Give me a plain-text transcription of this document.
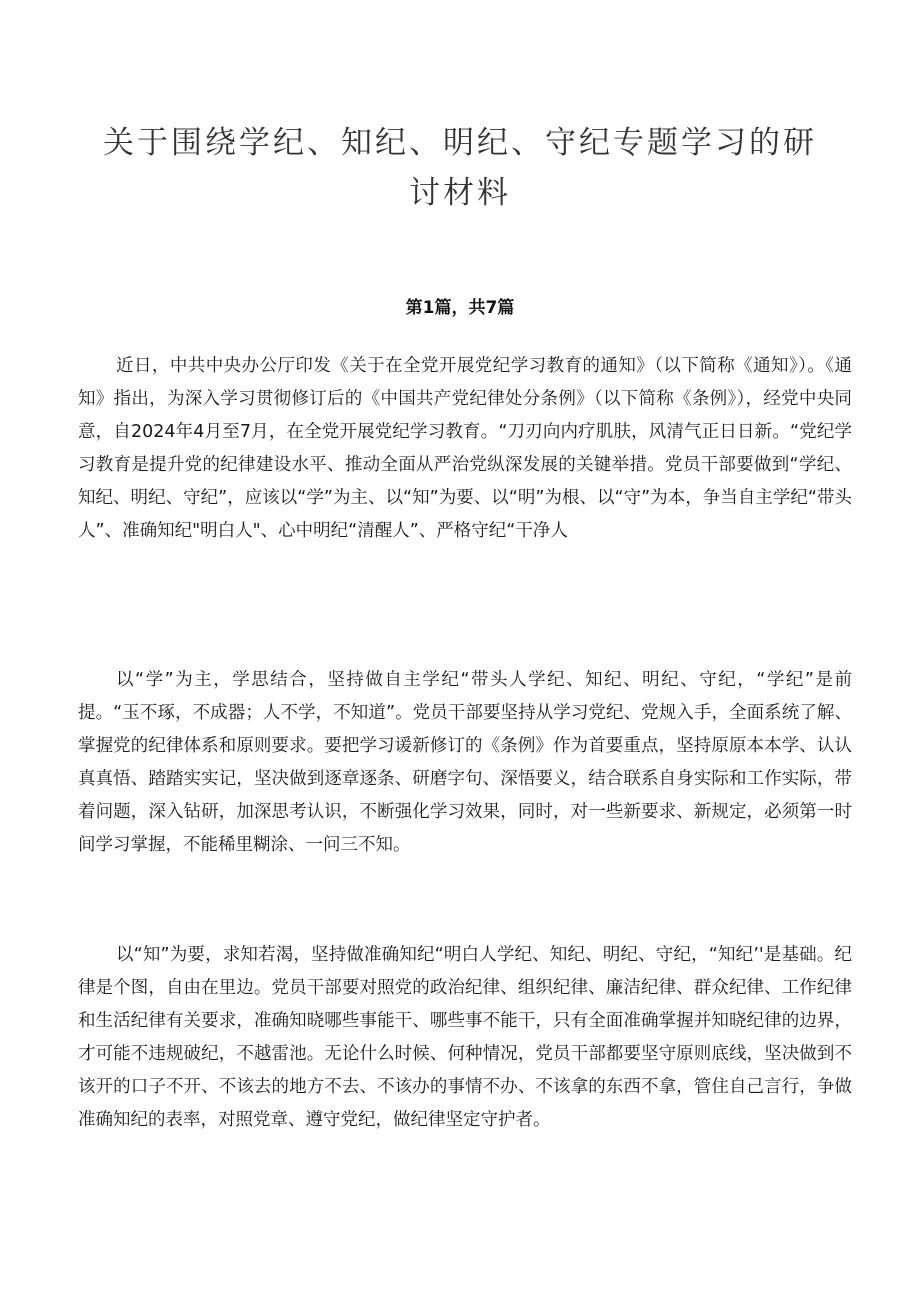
关于围绕学纪、知纪、明纪、守纪专题学习的研讨材料

第1篇，共7篇

近日，中共中央办公厅印发《关于在全党开展党纪学习教育的通知》（以下简称《通知》）。《通知》指出，为深入学习贯彻修订后的《中国共产党纪律处分条例》（以下简称《条例》），经党中央同意，自2024年4月至7月，在全党开展党纪学习教育。“刀刃向内疗肌肤，风清气正日日新。“党纪学习教育是提升党的纪律建设水平、推动全面从严治党纵深发展的关键举措。党员干部要做到“学纪、知纪、明纪、守纪”，应该以“学”为主、以“知”为要、以“明”为根、以“守”为本，争当自主学纪“带头人”、准确知纪"明白人"、心中明纪“清醒人”、严格守纪“干净人

以“学”为主，学思结合，坚持做自主学纪“带头人学纪、知纪、明纪、守纪，“学纪”是前提。“玉不琢，不成器；人不学，不知道”。党员干部要坚持从学习党纪、党规入手，全面系统了解、掌握党的纪律体系和原则要求。要把学习谖新修订的《条例》作为首要重点，坚持原原本本学、认认真真悟、踏踏实实记，坚决做到逐章逐条、研磨字句、深悟要义，结合联系自身实际和工作实际，带着问题，深入钻研，加深思考认识，不断强化学习效果，同时，对一些新要求、新规定，必须第一时间学习掌握，不能稀里糊涂、一问三不知。

以“知”为要，求知若渴，坚持做准确知纪“明白人学纪、知纪、明纪、守纪，“知纪’'是基础。纪律是个图，自由在里边。党员干部要对照党的政治纪律、组织纪律、廉洁纪律、群众纪律、工作纪律和生活纪律有关要求，准确知晓哪些事能干、哪些事不能干，只有全面准确掌握并知晓纪律的边界，才可能不违规破纪，不越雷池。无论什么时候、何种情况，党员干部都要坚守原则底线，坚决做到不该开的口子不开、不该去的地方不去、不该办的事情不办、不该拿的东西不拿，管住自己言行，争做准确知纪的表率，对照党章、遵守党纪，做纪律坚定守护者。
